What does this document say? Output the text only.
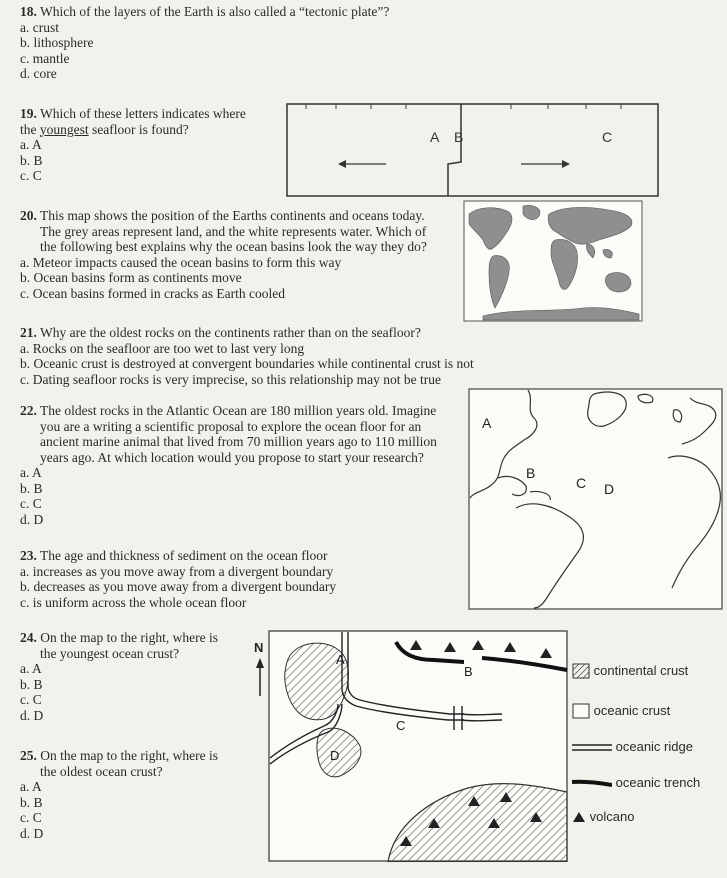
18. Which of the layers of the Earth is also called a “tectonic plate”?

a. crust

b. lithosphere

c. mantle

d. core

19. Which of these letters indicates where
the youngest seafloor is found?

a. A

b. B

c. C

A B	C

20. This map shows the position of the Earths continents and oceans today.
The grey areas represent land, and the white represents water. Which of
the following best explains why the ocean basins look the way they do?

a. Meteor impacts caused the ocean basins to form this way

b. Ocean basins form as continents move

c. Ocean basins formed in cracks as Earth cooled

21. Why are the oldest rocks on the continents rather than on the seafloor?

a. Rocks on the seafloor are too wet to last very long

b. Oceanic crust is destroyed at convergent boundaries while continental crust is not

c. Dating seafloor rocks is very imprecise, so this relationship may not be true

22. The oldest rocks in the Atlantic Ocean are 180 million years old. Imagine
you are a writing a scientific proposal to explore the ocean floor for an
ancient marine animal that lived from 70 million years ago to 110 million
years ago. At which location would you propose to start your research?

a. A

b. B

c. C

d. D

A
B
C D

23. The age and thickness of sediment on the ocean floor

a. increases as you move away from a divergent boundary

b. decreases as you move away from a divergent boundary

c. is uniform across the whole ocean floor

24. On the map to the right, where is
the youngest ocean crust?

a. A

b. B

c. C

d. D

25. On the map to the right, where is
the oldest ocean crust?

a. A

b. B

c. C

d. D

N
A
B
C
D
continental crust
oceanic crust
oceanic ridge
oceanic trench
volcano
